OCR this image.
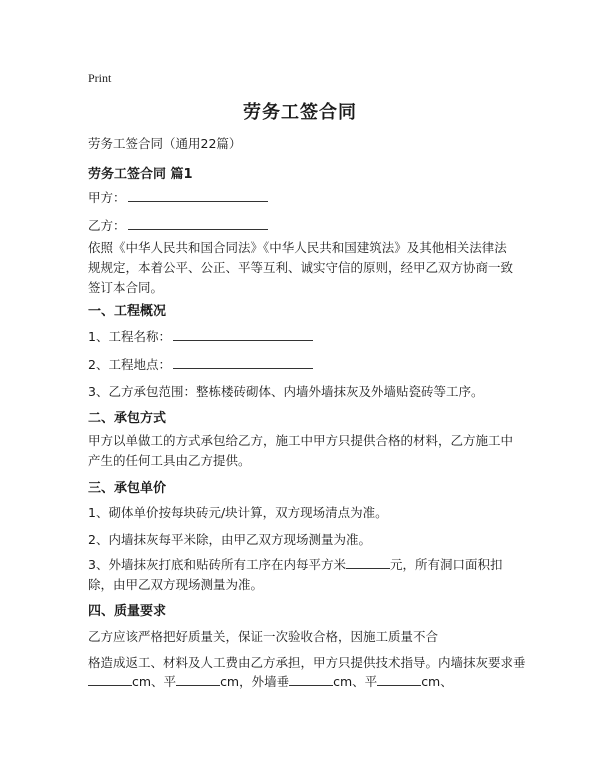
Print
劳务工签合同
劳务工签合同（通用22篇）
劳务工签合同 篇1
甲方：
乙方：
依照《中华人民共和国合同法》《中华人民共和国建筑法》及其他相关法律法规规定，本着公平、公正、平等互利、诚实守信的原则，经甲乙双方协商一致签订本合同。
一、工程概况
1、工程名称：
2、工程地点：
3、乙方承包范围：整栋楼砖砌体、内墙外墙抹灰及外墙贴瓷砖等工序。
二、承包方式
甲方以单做工的方式承包给乙方，施工中甲方只提供合格的材料，乙方施工中产生的任何工具由乙方提供。
三、承包单价
1、砌体单价按每块砖元/块计算，双方现场清点为准。
2、内墙抹灰每平米除，由甲乙双方现场测量为准。
3、外墙抹灰打底和贴砖所有工序在内每平方米	元，所有洞口面积扣除，由甲乙双方现场测量为准。
四、质量要求
乙方应该严格把好质量关，保证一次验收合格，因施工质量不合
格造成返工、材料及人工费由乙方承担，甲方只提供技术指导。内墙抹灰要求垂
cm、平	cm，外墙垂	cm、平	cm、
